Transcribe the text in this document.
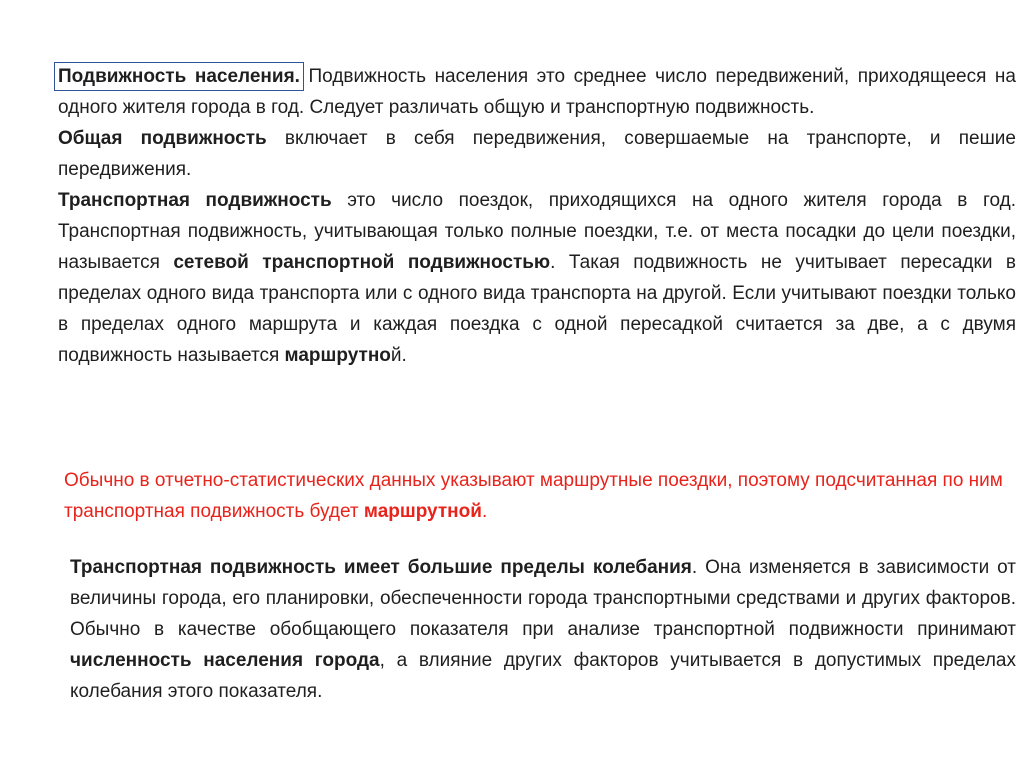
Подвижность населения. Подвижность населения это среднее число передвижений, приходящееся на одного жителя города в год. Следует различать общую и транспортную подвижность.

Общая подвижность включает в себя передвижения, совершаемые на транспорте, и пешие передвижения.

Транспортная подвижность это число поездок, приходящихся на одного жителя города в год. Транспортная подвижность, учитывающая только полные поездки, т.е. от места посадки до цели поездки, называется сетевой транспортной подвижностью. Такая подвижность не учитывает пересадки в пределах одного вида транспорта или с одного вида транспорта на другой. Если учитывают поездки только в пределах одного маршрута и каждая поездка с одной пересадкой считается за две, а с двумя подвижность называется маршрутной.

Обычно в отчетно-статистических данных указывают маршрутные поездки, поэтому подсчитанная по ним транспортная подвижность будет маршрутной.

Транспортная подвижность имеет большие пределы колебания. Она изменяется в зависимости от величины города, его планировки, обеспеченности города транспортными средствами и других факторов. Обычно в качестве обобщающего показателя при анализе транспортной подвижности принимают численность населения города, а влияние других факторов учитывается в допустимых пределах колебания этого показателя.
